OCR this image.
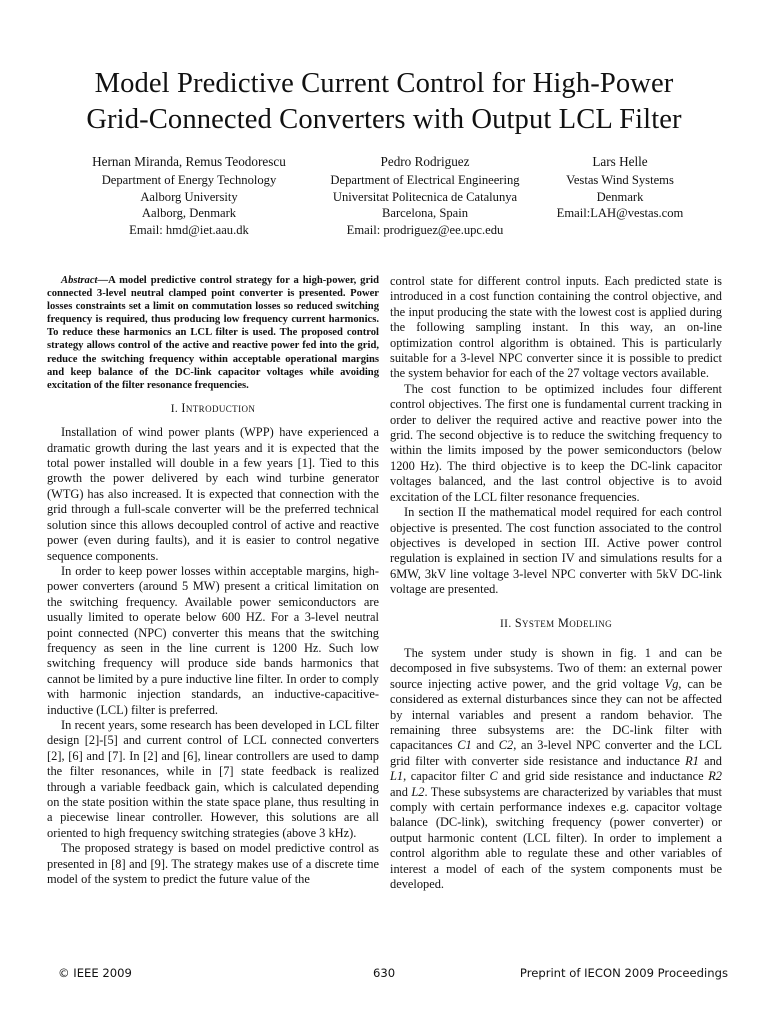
Model Predictive Current Control for High-Power
Grid-Connected Converters with Output LCL Filter
Hernan Miranda, Remus Teodorescu
Department of Energy Technology
Aalborg University
Aalborg, Denmark
Email: hmd@iet.aau.dk
Pedro Rodriguez
Department of Electrical Engineering
Universitat Politecnica de Catalunya
Barcelona, Spain
Email: prodriguez@ee.upc.edu
Lars Helle
Vestas Wind Systems
Denmark
Email:LAH@vestas.com

Abstract—A model predictive control strategy for a high-power, grid connected 3-level neutral clamped point converter is presented. Power losses constraints set a limit on commutation losses so reduced switching frequency is required, thus producing low frequency current harmonics. To reduce these harmonics an LCL filter is used. The proposed control strategy allows control of the active and reactive power fed into the grid, reduce the switching frequency within acceptable operational margins and keep balance of the DC-link capacitor voltages while avoiding excitation of the filter resonance frequencies.

I. Introduction

Installation of wind power plants (WPP) have experienced a dramatic growth during the last years and it is expected that the total power installed will double in a few years [1]. Tied to this growth the power delivered by each wind turbine generator (WTG) has also increased. It is expected that connection with the grid through a full-scale converter will be the preferred technical solution since this allows decoupled control of active and reactive power (even during faults), and it is easier to control negative sequence components.

In order to keep power losses within acceptable margins, high-power converters (around 5 MW) present a critical limitation on the switching frequency. Available power semiconductors are usually limited to operate below 600 HZ. For a 3-level neutral point connected (NPC) converter this means that the switching frequency as seen in the line current is 1200 Hz. Such low switching frequency will produce side bands harmonics that cannot be limited by a pure inductive line filter. In order to comply with harmonic injection standards, an inductive-capacitive-inductive (LCL) filter is preferred.

In recent years, some research has been developed in LCL filter design [2]-[5] and current control of LCL connected converters [2], [6] and [7]. In [2] and [6], linear controllers are used to damp the filter resonances, while in [7] state feedback is realized through a variable feedback gain, which is calculated depending on the state position within the state space plane, thus resulting in a piecewise linear controller. However, this solutions are all oriented to high frequency switching strategies (above 3 kHz).

The proposed strategy is based on model predictive control as presented in [8] and [9]. The strategy makes use of a discrete time model of the system to predict the future value of the

control state for different control inputs. Each predicted state is introduced in a cost function containing the control objective, and the input producing the state with the lowest cost is applied during the following sampling instant. In this way, an on-line optimization control algorithm is obtained. This is particularly suitable for a 3-level NPC converter since it is possible to predict the system behavior for each of the 27 voltage vectors available.

The cost function to be optimized includes four different control objectives. The first one is fundamental current tracking in order to deliver the required active and reactive power into the grid. The second objective is to reduce the switching frequency to within the limits imposed by the power semiconductors (below 1200 Hz). The third objective is to keep the DC-link capacitor voltages balanced, and the last control objective is to avoid excitation of the LCL filter resonance frequencies.

In section II the mathematical model required for each control objective is presented. The cost function associated to the control objectives is developed in section III. Active power control regulation is explained in section IV and simulations results for a 6MW, 3kV line voltage 3-level NPC converter with 5kV DC-link voltage are presented.

II. System Modeling

The system under study is shown in fig. 1 and can be decomposed in five subsystems. Two of them: an external power source injecting active power, and the grid voltage Vg, can be considered as external disturbances since they can not be affected by internal variables and present a random behavior. The remaining three subsystems are: the DC-link filter with capacitances C1 and C2, an 3-level NPC converter and the LCL grid filter with converter side resistance and inductance R1 and L1, capacitor filter C and grid side resistance and inductance R2 and L2. These subsystems are characterized by variables that must comply with certain performance indexes e.g. capacitor voltage balance (DC-link), switching frequency (power converter) or output harmonic content (LCL filter). In order to implement a control algorithm able to regulate these and other variables of interest a model of each of the system components must be developed.

© IEEE 2009	630	Preprint of IECON 2009 Proceedings
